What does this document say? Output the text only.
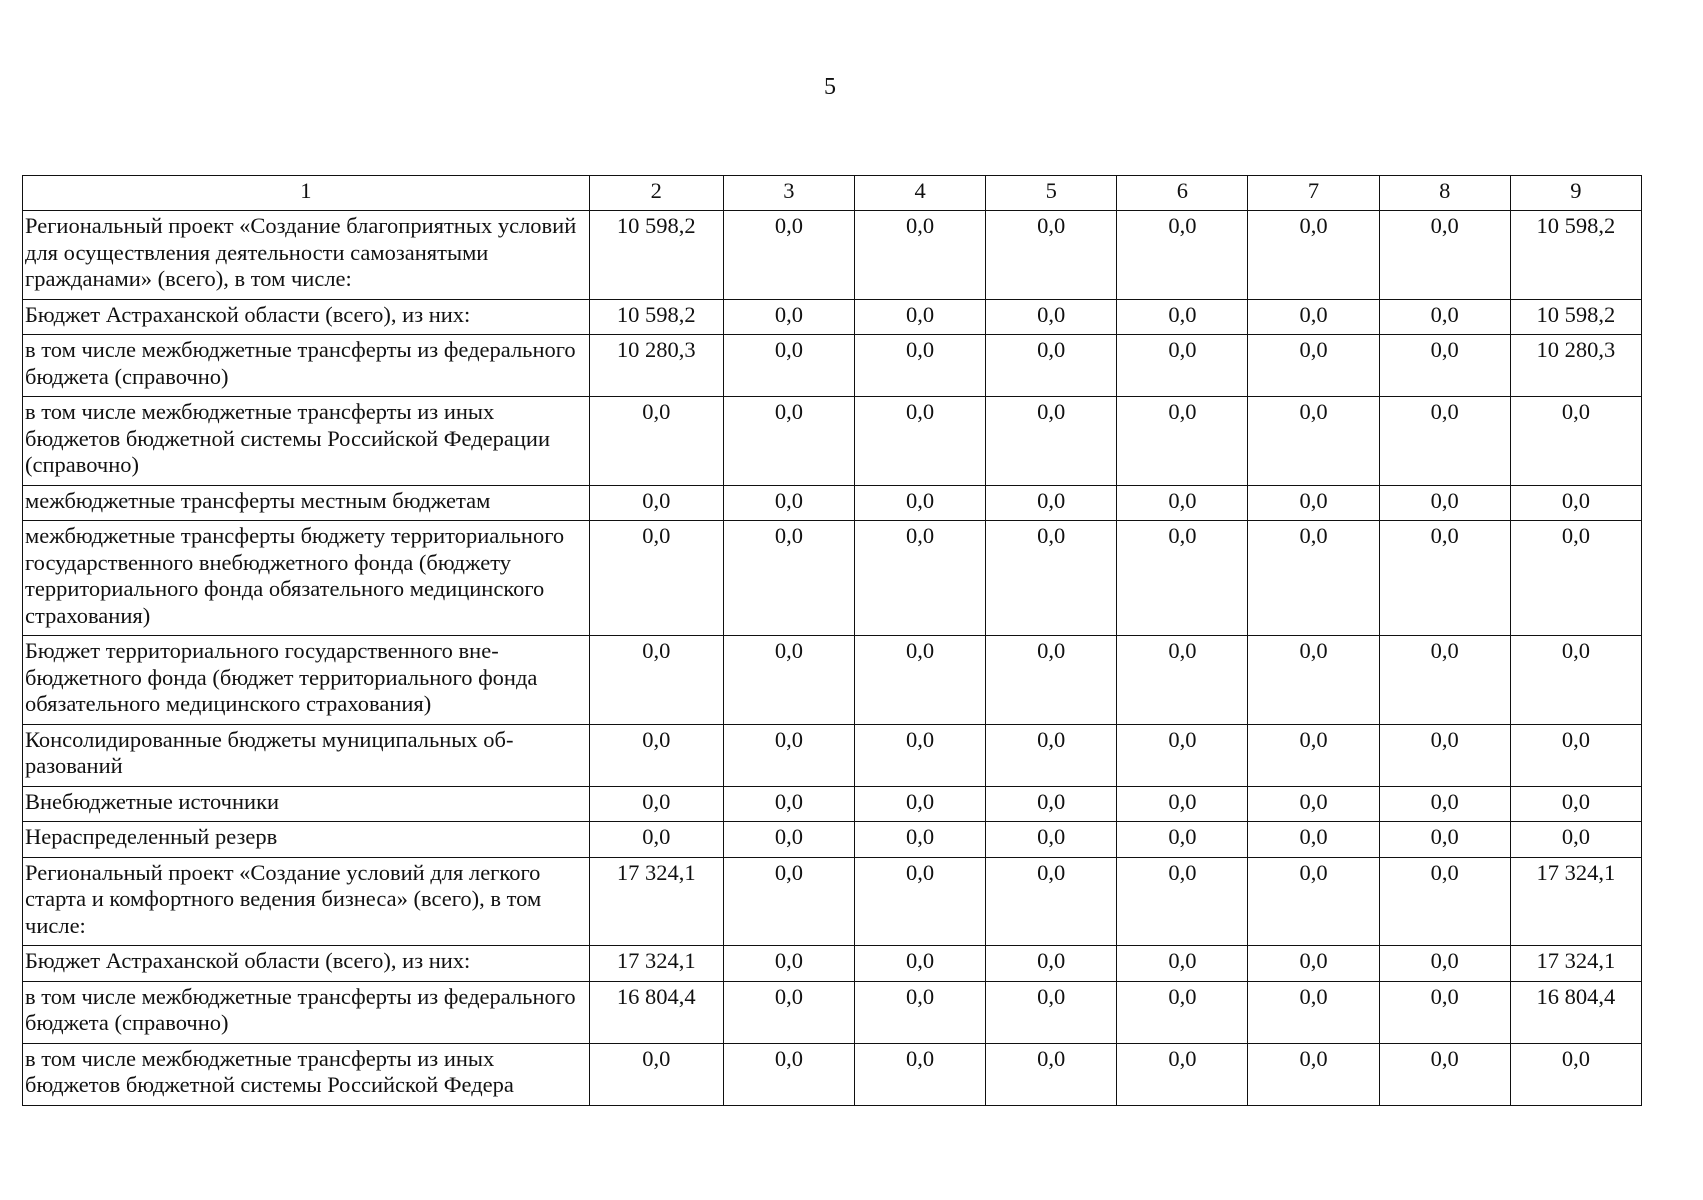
5
1	2	3	4	5	6	7	8	9
Региональный проект «Создание благоприятных условий для осуществления деятельности самозанятыми гражданами» (всего), в том числе:	10 598,2	0,0	0,0	0,0	0,0	0,0	0,0	10 598,2
Бюджет Астраханской области (всего), из них:	10 598,2	0,0	0,0	0,0	0,0	0,0	0,0	10 598,2
в том числе межбюджетные трансферты из федерального бюджета (справочно)	10 280,3	0,0	0,0	0,0	0,0	0,0	0,0	10 280,3
в том числе межбюджетные трансферты из иных бюджетов бюджетной системы Российской Федерации (справочно)	0,0	0,0	0,0	0,0	0,0	0,0	0,0	0,0
межбюджетные трансферты местным бюджетам	0,0	0,0	0,0	0,0	0,0	0,0	0,0	0,0
межбюджетные трансферты бюджету территориального государственного внебюджетного фонда (бюджету территориального фонда обязательного медицинского страхования)	0,0	0,0	0,0	0,0	0,0	0,0	0,0	0,0
Бюджет территориального государственного внебюджетного фонда (бюджет территориального фонда обязательного медицинского страхования)	0,0	0,0	0,0	0,0	0,0	0,0	0,0	0,0
Консолидированные бюджеты муниципальных образований	0,0	0,0	0,0	0,0	0,0	0,0	0,0	0,0
Внебюджетные источники	0,0	0,0	0,0	0,0	0,0	0,0	0,0	0,0
Нераспределенный резерв	0,0	0,0	0,0	0,0	0,0	0,0	0,0	0,0
Региональный проект «Создание условий для легкого старта и комфортного ведения бизнеса» (всего), в том числе:	17 324,1	0,0	0,0	0,0	0,0	0,0	0,0	17 324,1
Бюджет Астраханской области (всего), из них:	17 324,1	0,0	0,0	0,0	0,0	0,0	0,0	17 324,1
в том числе межбюджетные трансферты из федерального бюджета (справочно)	16 804,4	0,0	0,0	0,0	0,0	0,0	0,0	16 804,4
в том числе межбюджетные трансферты из иных бюджетов бюджетной системы Российской Федера	0,0	0,0	0,0	0,0	0,0	0,0	0,0	0,0
